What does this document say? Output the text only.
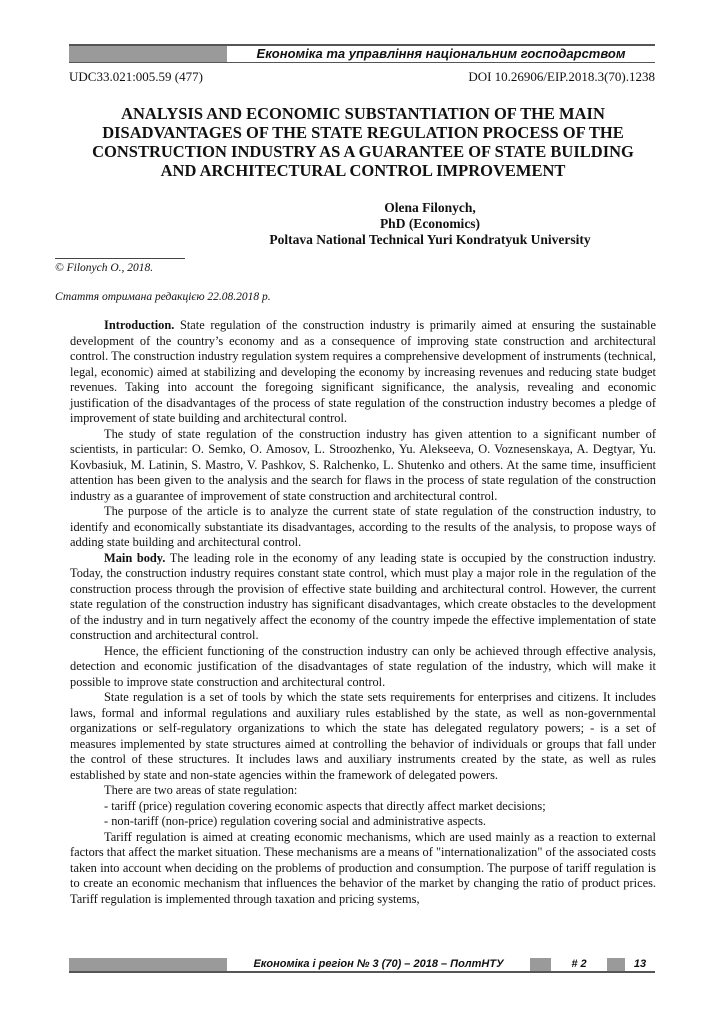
Економіка та управління національним господарством
UDC33.021:005.59 (477)	DOI 10.26906/EIP.2018.3(70).1238
ANALYSIS AND ECONOMIC SUBSTANTIATION OF THE MAIN DISADVANTAGES OF THE STATE REGULATION PROCESS OF THE CONSTRUCTION INDUSTRY AS A GUARANTEE OF STATE BUILDING AND ARCHITECTURAL CONTROL IMPROVEMENT
Olena Filonych,
PhD (Economics)
Poltava National Technical Yuri Kondratyuk University
© Filonych O., 2018.
Стаття отримана редакцією 22.08.2018 р.

Introduction. State regulation of the construction industry is primarily aimed at ensuring the sustainable development of the country’s economy and as a consequence of improving state construction and architectural control. The construction industry regulation system requires a comprehensive development of instruments (technical, legal, economic) aimed at stabilizing and developing the economy by increasing revenues and reducing state budget revenues. Taking into account the foregoing significant significance, the analysis, revealing and economic justification of the disadvantages of the process of state regulation of the construction industry becomes a pledge of improvement of state building and architectural control.

The study of state regulation of the construction industry has given attention to a significant number of scientists, in particular: O. Semko, O. Amosov, L. Stroozhenko, Yu. Alekseeva, O. Voznesenskaya, A. Degtyar, Yu. Kovbasiuk, M. Latinin, S. Mastro, V. Pashkov, S. Ralchenko, L. Shutenko and others. At the same time, insufficient attention has been given to the analysis and the search for flaws in the process of state regulation of the construction industry as a guarantee of improvement of state construction and architectural control.

The purpose of the article is to analyze the current state of state regulation of the construction industry, to identify and economically substantiate its disadvantages, according to the results of the analysis, to propose ways of adding state building and architectural control.

Main body. The leading role in the economy of any leading state is occupied by the construction industry. Today, the construction industry requires constant state control, which must play a major role in the regulation of the construction process through the provision of effective state building and architectural control. However, the current state regulation of the construction industry has significant disadvantages, which create obstacles to the development of the industry and in turn negatively affect the economy of the country impede the effective implementation of state construction and architectural control.

Hence, the efficient functioning of the construction industry can only be achieved through effective analysis, detection and economic justification of the disadvantages of state regulation of the industry, which will make it possible to improve state construction and architectural control.

State regulation is a set of tools by which the state sets requirements for enterprises and citizens. It includes laws, formal and informal regulations and auxiliary rules established by the state, as well as non-governmental organizations or self-regulatory organizations to which the state has delegated regulatory powers; - is a set of measures implemented by state structures aimed at controlling the behavior of individuals or groups that fall under the control of these structures. It includes laws and auxiliary instruments created by the state, as well as rules established by state and non-state agencies within the framework of delegated powers.

There are two areas of state regulation:

- tariff (price) regulation covering economic aspects that directly affect market decisions;

- non-tariff (non-price) regulation covering social and administrative aspects.

Tariff regulation is aimed at creating economic mechanisms, which are used mainly as a reaction to external factors that affect the market situation. These mechanisms are a means of "internationalization" of the associated costs taken into account when deciding on the problems of production and consumption. The purpose of tariff regulation is to create an economic mechanism that influences the behavior of the market by changing the ratio of product prices. Tariff regulation is implemented through taxation and pricing systems,

Економіка і регіон № 3 (70) – 2018 – ПолтНТУ	# 2	13
